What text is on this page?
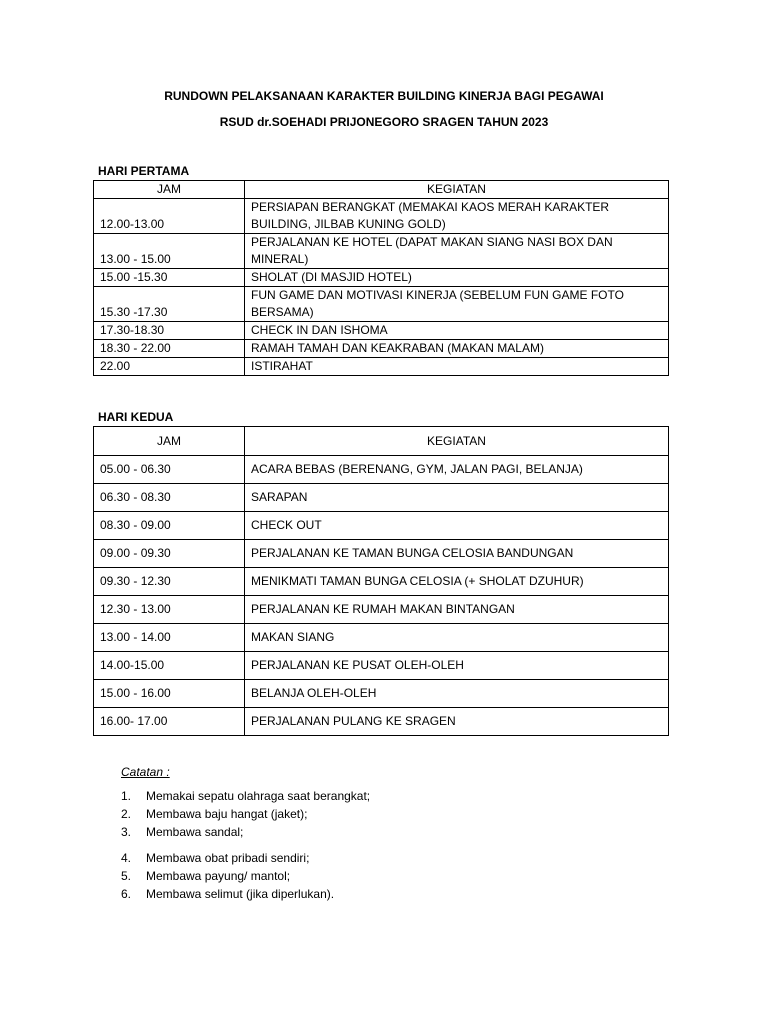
RUNDOWN PELAKSANAAN KARAKTER BUILDING KINERJA BAGI PEGAWAI
RSUD dr.SOEHADI PRIJONEGORO SRAGEN TAHUN 2023
HARI PERTAMA
JAM	KEGIATAN
12.00-13.00	PERSIAPAN BERANGKAT (MEMAKAI KAOS MERAH KARAKTER
BUILDING, JILBAB KUNING GOLD)

13.00 - 15.00	PERJALANAN KE HOTEL (DAPAT MAKAN SIANG NASI BOX DAN
MINERAL)

15.00 -15.30	SHOLAT (DI MASJID HOTEL)

15.30 -17.30	FUN GAME DAN MOTIVASI KINERJA (SEBELUM FUN GAME FOTO
BERSAMA)

17.30-18.30	CHECK IN DAN ISHOMA

18.30 - 22.00	RAMAH TAMAH DAN KEAKRABAN (MAKAN MALAM)

22.00	ISTIRAHAT
HARI KEDUA
JAM	KEGIATAN
05.00 - 06.30	ACARA BEBAS (BERENANG, GYM, JALAN PAGI, BELANJA)
06.30 - 08.30	SARAPAN
08.30 - 09.00	CHECK OUT
09.00 - 09.30	PERJALANAN KE TAMAN BUNGA CELOSIA BANDUNGAN
09.30 - 12.30	MENIKMATI TAMAN BUNGA CELOSIA (+ SHOLAT DZUHUR)
12.30 - 13.00	PERJALANAN KE RUMAH MAKAN BINTANGAN
13.00 - 14.00	MAKAN SIANG
14.00-15.00	PERJALANAN KE PUSAT OLEH-OLEH
15.00 - 16.00	BELANJA OLEH-OLEH
16.00- 17.00	PERJALANAN PULANG KE SRAGEN
Catatan :
1.	Memakai sepatu olahraga saat berangkat;
2.	Membawa baju hangat (jaket);
3.	Membawa sandal;
4.	Membawa obat pribadi sendiri;
5.	Membawa payung/ mantol;
6.	Membawa selimut (jika diperlukan).
